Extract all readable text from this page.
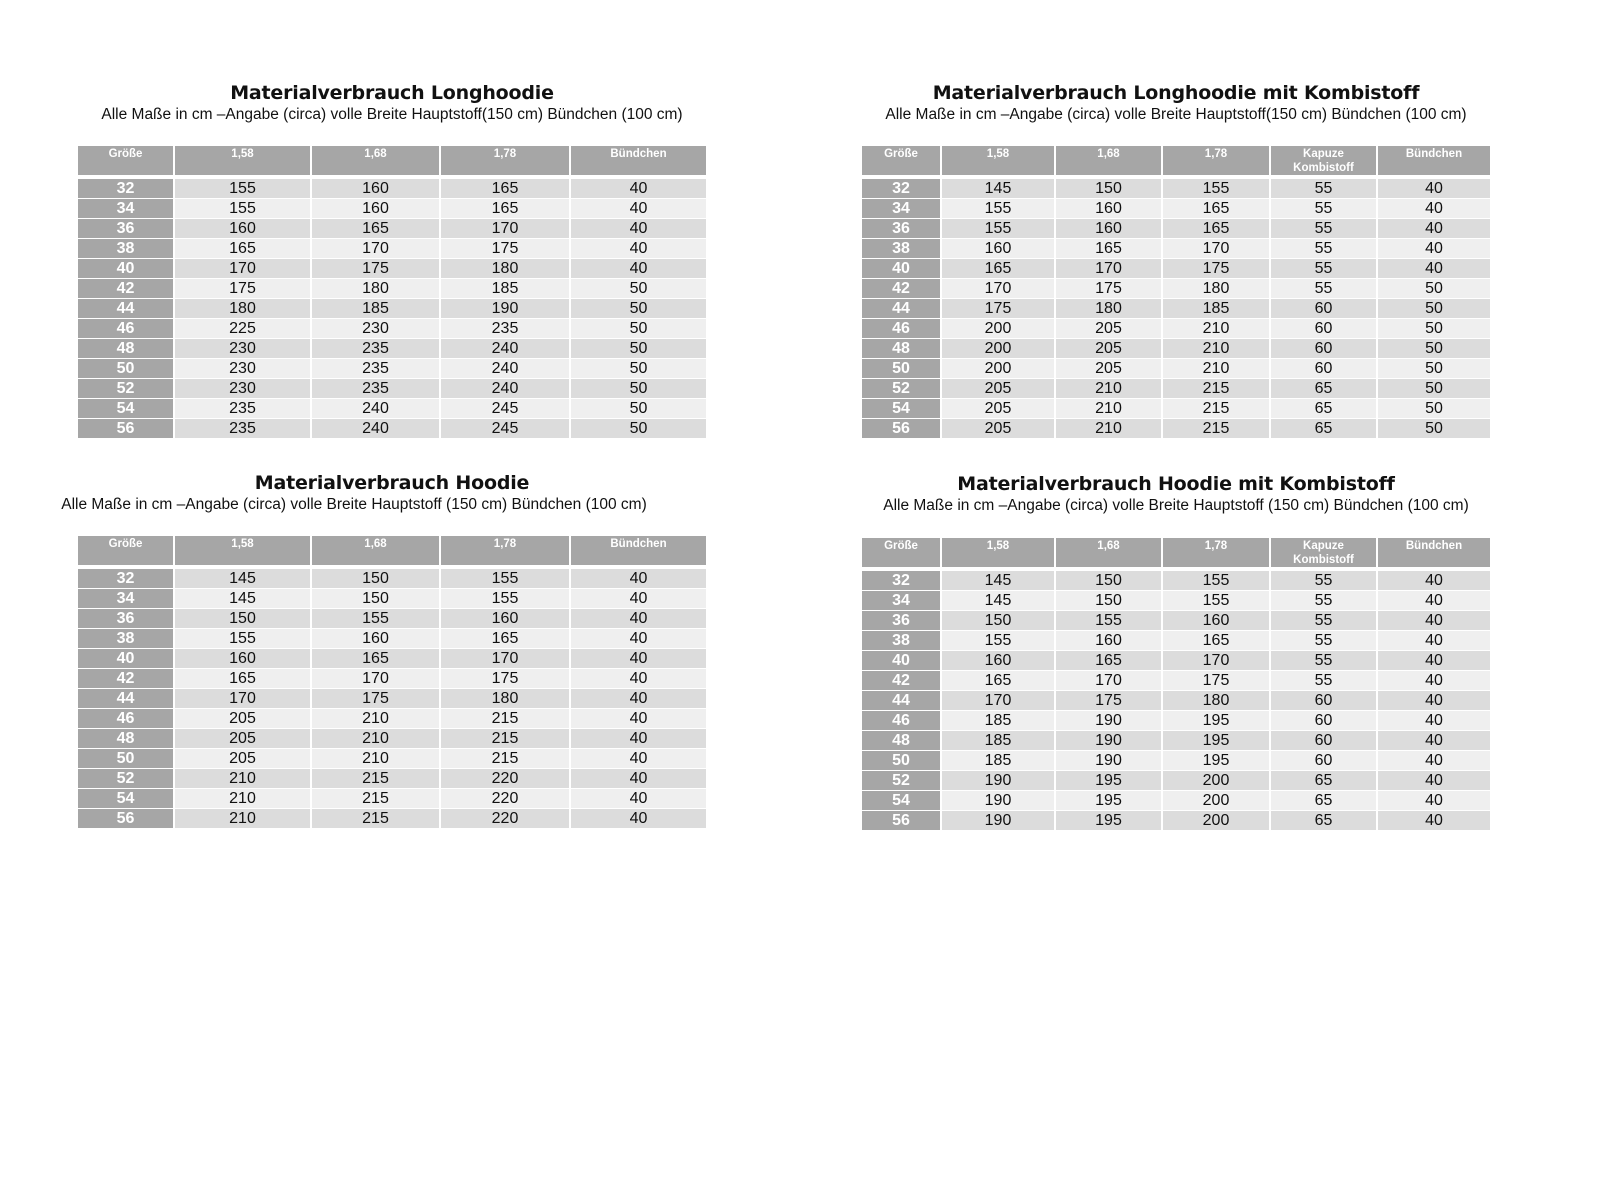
Materialverbrauch Longhoodie
Alle Maße in cm –Angabe (circa) volle Breite Hauptstoff(150 cm) Bündchen (100 cm)
Größe	1,58	1,68	1,78	Bündchen
32	155	160	165	40
34	155	160	165	40
36	160	165	170	40
38	165	170	175	40
40	170	175	180	40
42	175	180	185	50
44	180	185	190	50
46	225	230	235	50
48	230	235	240	50
50	230	235	240	50
52	230	235	240	50
54	235	240	245	50
56	235	240	245	50
Materialverbrauch Longhoodie mit Kombistoff
Alle Maße in cm –Angabe (circa) volle Breite Hauptstoff(150 cm) Bündchen (100 cm)
Größe	1,58	1,68	1,78	Kapuze Kombistoff	Bündchen
32	145	150	155	55	40
34	155	160	165	55	40
36	155	160	165	55	40
38	160	165	170	55	40
40	165	170	175	55	40
42	170	175	180	55	50
44	175	180	185	60	50
46	200	205	210	60	50
48	200	205	210	60	50
50	200	205	210	60	50
52	205	210	215	65	50
54	205	210	215	65	50
56	205	210	215	65	50
Materialverbrauch Hoodie
Alle Maße in cm –Angabe (circa) volle Breite Hauptstoff (150 cm) Bündchen (100 cm)
Größe	1,58	1,68	1,78	Bündchen
32	145	150	155	40
34	145	150	155	40
36	150	155	160	40
38	155	160	165	40
40	160	165	170	40
42	165	170	175	40
44	170	175	180	40
46	205	210	215	40
48	205	210	215	40
50	205	210	215	40
52	210	215	220	40
54	210	215	220	40
56	210	215	220	40
Materialverbrauch Hoodie mit Kombistoff
Alle Maße in cm –Angabe (circa) volle Breite Hauptstoff (150 cm) Bündchen (100 cm)
Größe	1,58	1,68	1,78	Kapuze Kombistoff	Bündchen
32	145	150	155	55	40
34	145	150	155	55	40
36	150	155	160	55	40
38	155	160	165	55	40
40	160	165	170	55	40
42	165	170	175	55	40
44	170	175	180	60	40
46	185	190	195	60	40
48	185	190	195	60	40
50	185	190	195	60	40
52	190	195	200	65	40
54	190	195	200	65	40
56	190	195	200	65	40
